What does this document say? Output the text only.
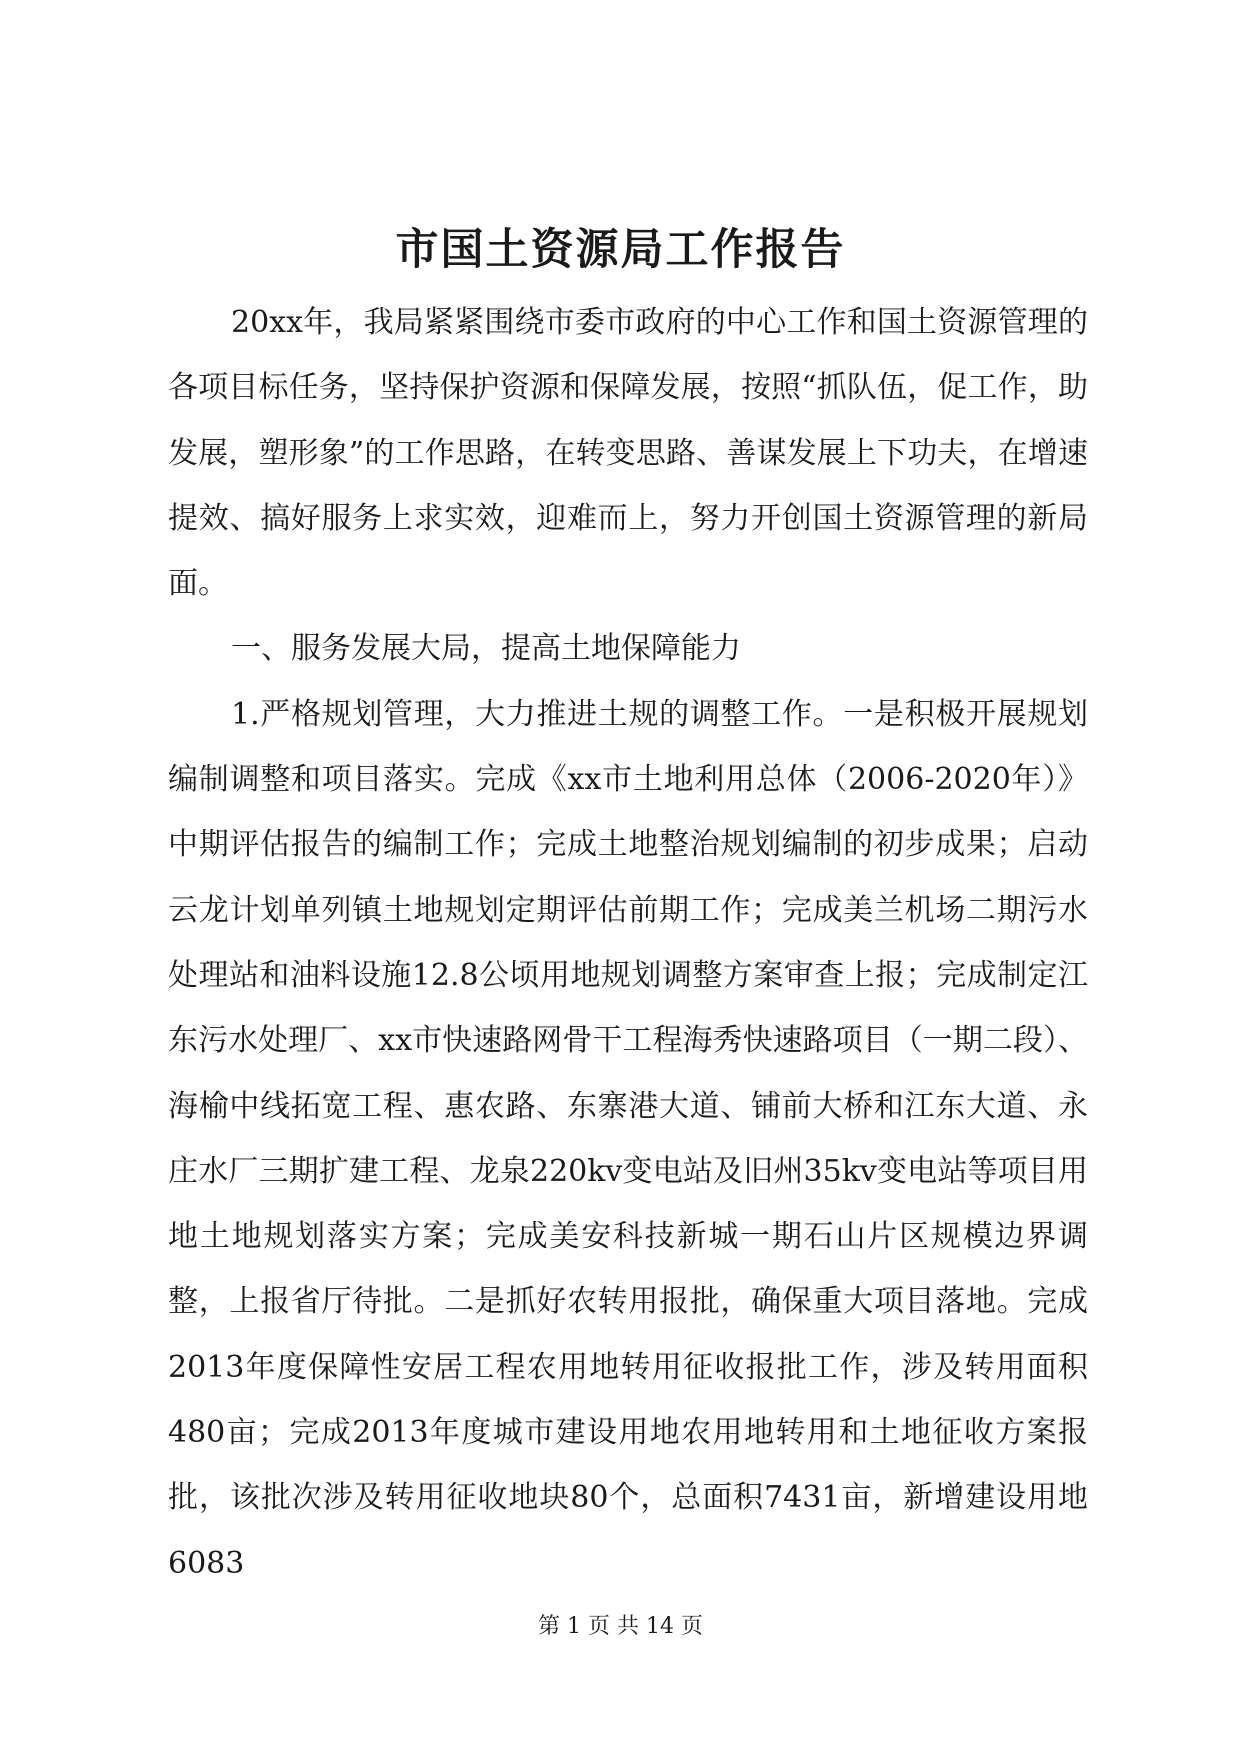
市国土资源局工作报告

20xx年，我局紧紧围绕市委市政府的中心工作和国土资源管理的各项目标任务，坚持保护资源和保障发展，按照“抓队伍，促工作，助发展，塑形象”的工作思路，在转变思路、善谋发展上下功夫，在增速提效、搞好服务上求实效，迎难而上，努力开创国土资源管理的新局面。

一、服务发展大局，提高土地保障能力

1.严格规划管理，大力推进土规的调整工作。一是积极开展规划编制调整和项目落实。完成《xx市土地利用总体（2006-2020年）》中期评估报告的编制工作；完成土地整治规划编制的初步成果；启动云龙计划单列镇土地规划定期评估前期工作；完成美兰机场二期污水处理站和油料设施12.8公顷用地规划调整方案审查上报；完成制定江东污水处理厂、xx市快速路网骨干工程海秀快速路项目（一期二段）、海榆中线拓宽工程、惠农路、东寨港大道、铺前大桥和江东大道、永庄水厂三期扩建工程、龙泉220kv变电站及旧州35kv变电站等项目用地土地规划落实方案；完成美安科技新城一期石山片区规模边界调整，上报省厅待批。二是抓好农转用报批，确保重大项目落地。完成2013年度保障性安居工程农用地转用征收报批工作，涉及转用面积480亩；完成2013年度城市建设用地农用地转用和土地征收方案报批，该批次涉及转用征收地块80个，总面积7431亩，新增建设用地6083

第 1 页 共 14 页
